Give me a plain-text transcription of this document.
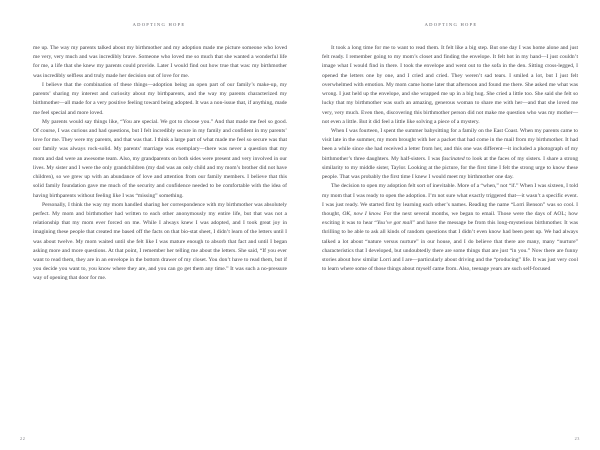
ADOPTING HOPE

me up. The way my parents talked about my birthmother and my adoption made me picture someone who loved me very, very much and was incredibly brave. Someone who loved me so much that she wanted a wonderful life for me, a life that she knew my parents could provide. Later I would find out how true that was: my birthmother was incredibly selfless and truly made her decision out of love for me.

I believe that the combination of these things—adoption being an open part of our family’s make-up, my parents’ sharing my interest and curiosity about my birthparents, and the way my parents characterized my birthmother—all made for a very positive feeling toward being adopted. It was a non-issue that, if anything, made me feel special and more loved.

My parents would say things like, “You are special. We got to choose you.” And that made me feel so good. Of course, I was curious and had questions, but I felt incredibly secure in my family and confident in my parents’ love for me. They were my parents, and that was that. I think a large part of what made me feel so secure was that our family was always rock-solid. My parents’ marriage was exemplary—there was never a question that my mom and dad were an awesome team. Also, my grandparents on both sides were present and very involved in our lives. My sister and I were the only grandchildren (my dad was an only child and my mom’s brother did not have children), so we grew up with an abundance of love and attention from our family members. I believe that this solid family foundation gave me much of the security and confidence needed to be comfortable with the idea of having birthparents without feeling like I was “missing” something.

Personally, I think the way my mom handled sharing her correspondence with my birthmother was absolutely perfect. My mom and birthmother had written to each other anonymously my entire life, but that was not a relationship that my mom ever forced on me. While I always knew I was adopted, and I took great joy in imagining these people that created me based off the facts on that bio-stat sheet, I didn’t learn of the letters until I was about twelve. My mom waited until she felt like I was mature enough to absorb that fact and until I began asking more and more questions. At that point, I remember her telling me about the letters. She said, “If you ever want to read them, they are in an envelope in the bottom drawer of my closet. You don’t have to read them, but if you decide you want to, you know where they are, and you can go get them any time.” It was such a no-pressure way of opening that door for me.

22
ADOPTING HOPE

It took a long time for me to want to read them. It felt like a big step. But one day I was home alone and just felt ready. I remember going to my mom’s closet and finding the envelope. It felt hot in my hand—I just couldn’t image what I would find in there. I took the envelope and went out to the sofa in the den. Sitting cross-legged, I opened the letters one by one, and I cried and cried. They weren’t sad tears. I smiled a lot, but I just felt overwhelmed with emotion. My mom came home later that afternoon and found me there. She asked me what was wrong. I just held up the envelope, and she wrapped me up in a big hug. She cried a little too. She said she felt so lucky that my birthmother was such an amazing, generous woman to share me with her—and that she loved me very, very much. Even then, discovering this birthmother person did not make me question who was my mother—not even a little. But it did feel a little like solving a piece of a mystery.

When I was fourteen, I spent the summer babysitting for a family on the East Coast. When my parents came to visit late in the summer, my mom brought with her a packet that had come in the mail from my birthmother. It had been a while since she had received a letter from her, and this one was different—it included a photograph of my birthmother’s three daughters. My half-sisters. I was fascinated to look at the faces of my sisters. I share a strong similarity to my middle sister, Taylor. Looking at the picture, for the first time I felt the strong urge to know these people. That was probably the first time I knew I would meet my birthmother one day.

The decision to open my adoption felt sort of inevitable. More of a “when,” not “if.” When I was sixteen, I told my mom that I was ready to open the adoption. I’m not sure what exactly triggered that—it wasn’t a specific event. I was just ready. We started first by learning each other’s names. Reading the name “Lorri Benson” was so cool. I thought, OK, now I know. For the next several months, we began to email. Those were the days of AOL; how exciting it was to hear “You’ve got mail” and have the message be from this long-mysterious birthmother. It was thrilling to be able to ask all kinds of random questions that I didn’t even know had been pent up. We had always talked a lot about “nature versus nurture” in our house, and I do believe that there are many, many “nurture” characteristics that I developed, but undoubtedly there are some things that are just “in you.” Now there are funny stories about how similar Lorri and I are—particularly about driving and the “producing” life. It was just very cool to learn where some of those things about myself came from. Also, teenage years are such self-focused

23
